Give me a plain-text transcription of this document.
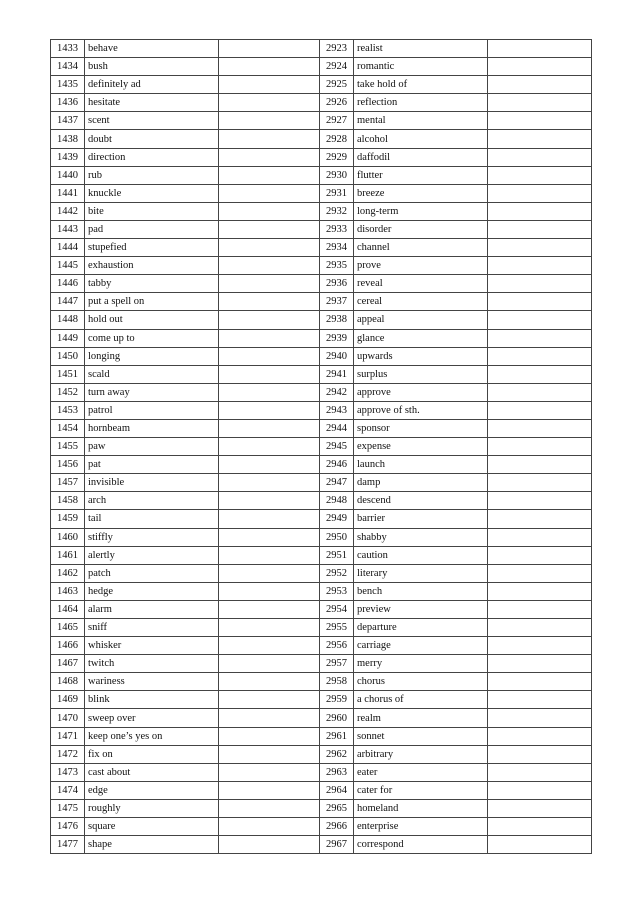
1433	behave		2923	realist	
1434	bush		2924	romantic	
1435	definitely ad		2925	take hold of	
1436	hesitate		2926	reflection	
1437	scent		2927	mental	
1438	doubt		2928	alcohol	
1439	direction		2929	daffodil	
1440	rub		2930	flutter	
1441	knuckle		2931	breeze	
1442	bite		2932	long-term	
1443	pad		2933	disorder	
1444	stupefied		2934	channel	
1445	exhaustion		2935	prove	
1446	tabby		2936	reveal	
1447	put a spell on		2937	cereal	
1448	hold out		2938	appeal	
1449	come up to		2939	glance	
1450	longing		2940	upwards	
1451	scald		2941	surplus	
1452	turn away		2942	approve	
1453	patrol		2943	approve of sth.	
1454	hornbeam		2944	sponsor	
1455	paw		2945	expense	
1456	pat		2946	launch	
1457	invisible		2947	damp	
1458	arch		2948	descend	
1459	tail		2949	barrier	
1460	stiffly		2950	shabby	
1461	alertly		2951	caution	
1462	patch		2952	literary	
1463	hedge		2953	bench	
1464	alarm		2954	preview	
1465	sniff		2955	departure	
1466	whisker		2956	carriage	
1467	twitch		2957	merry	
1468	wariness		2958	chorus	
1469	blink		2959	a chorus of	
1470	sweep over		2960	realm	
1471	keep one’s yes on		2961	sonnet	
1472	fix on		2962	arbitrary	
1473	cast about		2963	eater	
1474	edge		2964	cater for	
1475	roughly		2965	homeland	
1476	square		2966	enterprise	
1477	shape		2967	correspond	
